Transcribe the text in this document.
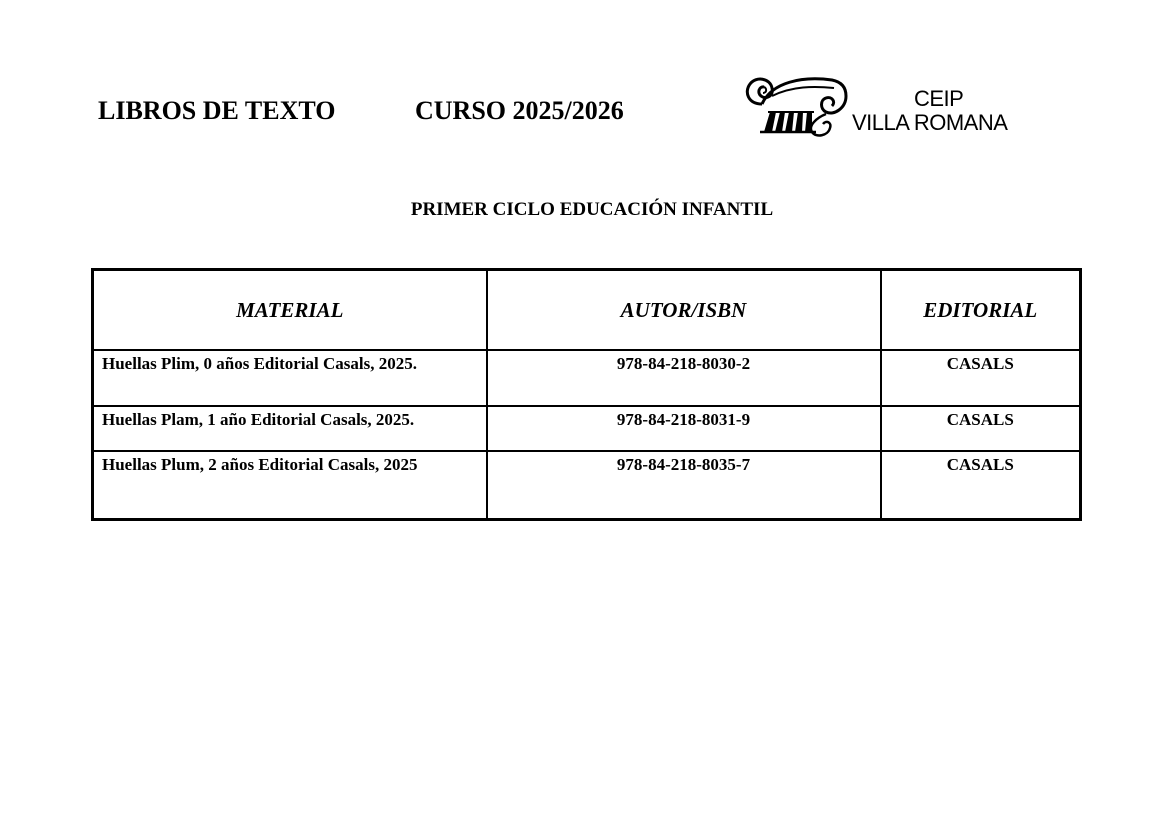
LIBROS DE TEXTO	CURSO 2025/2026	CEIP
VILLA ROMANA
PRIMER CICLO EDUCACIÓN INFANTIL
MATERIAL	AUTOR/ISBN	EDITORIAL
Huellas Plim, 0 años Editorial Casals, 2025.	978-84-218-8030-2	CASALS
Huellas Plam, 1 año Editorial Casals, 2025.	978-84-218-8031-9	CASALS
Huellas Plum, 2 años Editorial Casals, 2025	978-84-218-8035-7	CASALS
